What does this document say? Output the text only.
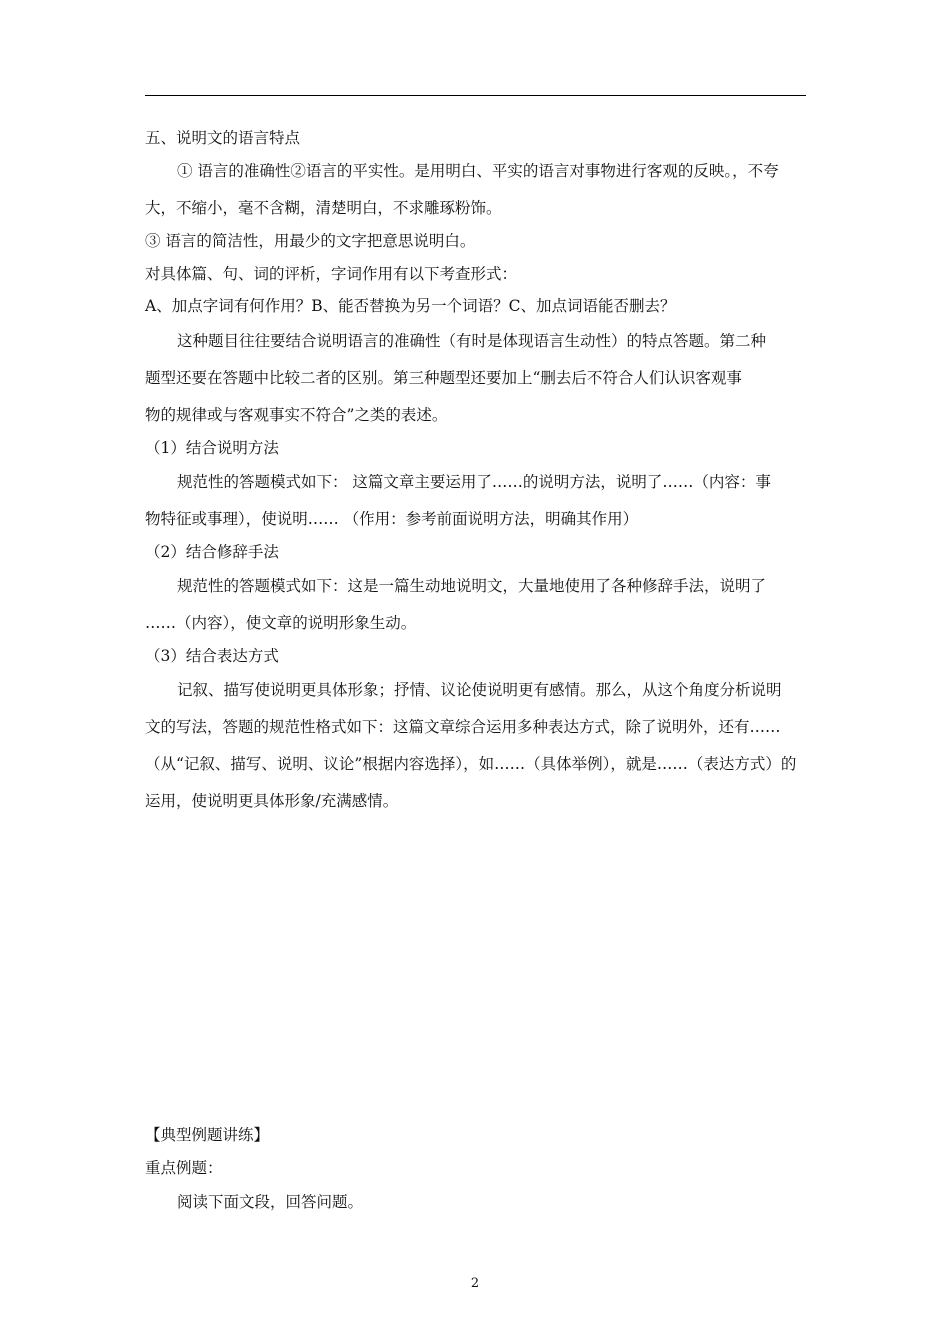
五、说明文的语言特点
① 语言的准确性②语言的平实性。是用明白、平实的语言对事物进行客观的反映。，不夸
大，不缩小，毫不含糊，清楚明白，不求雕琢粉饰。
③ 语言的简洁性，用最少的文字把意思说明白。
对具体篇、句、词的评析，字词作用有以下考查形式：
A、加点字词有何作用？B、能否替换为另一个词语？C、加点词语能否删去？
这种题目往往要结合说明语言的准确性（有时是体现语言生动性）的特点答题。第二种
题型还要在答题中比较二者的区别。第三种题型还要加上“删去后不符合人们认识客观事
物的规律或与客观事实不符合”之类的表述。
（1）结合说明方法
规范性的答题模式如下： 这篇文章主要运用了……的说明方法，说明了……（内容：事
物特征或事理），使说明…… （作用：参考前面说明方法，明确其作用）
（2）结合修辞手法
规范性的答题模式如下：这是一篇生动地说明文，大量地使用了各种修辞手法，说明了
……（内容），使文章的说明形象生动。
（3）结合表达方式
记叙、描写使说明更具体形象；抒情、议论使说明更有感情。那么，从这个角度分析说明
文的写法，答题的规范性格式如下：这篇文章综合运用多种表达方式，除了说明外，还有……
（从“记叙、描写、说明、议论”根据内容选择），如……（具体举例），就是……（表达方式）的
运用，使说明更具体形象/充满感情。
【典型例题讲练】
重点例题：
阅读下面文段，回答问题。
2
